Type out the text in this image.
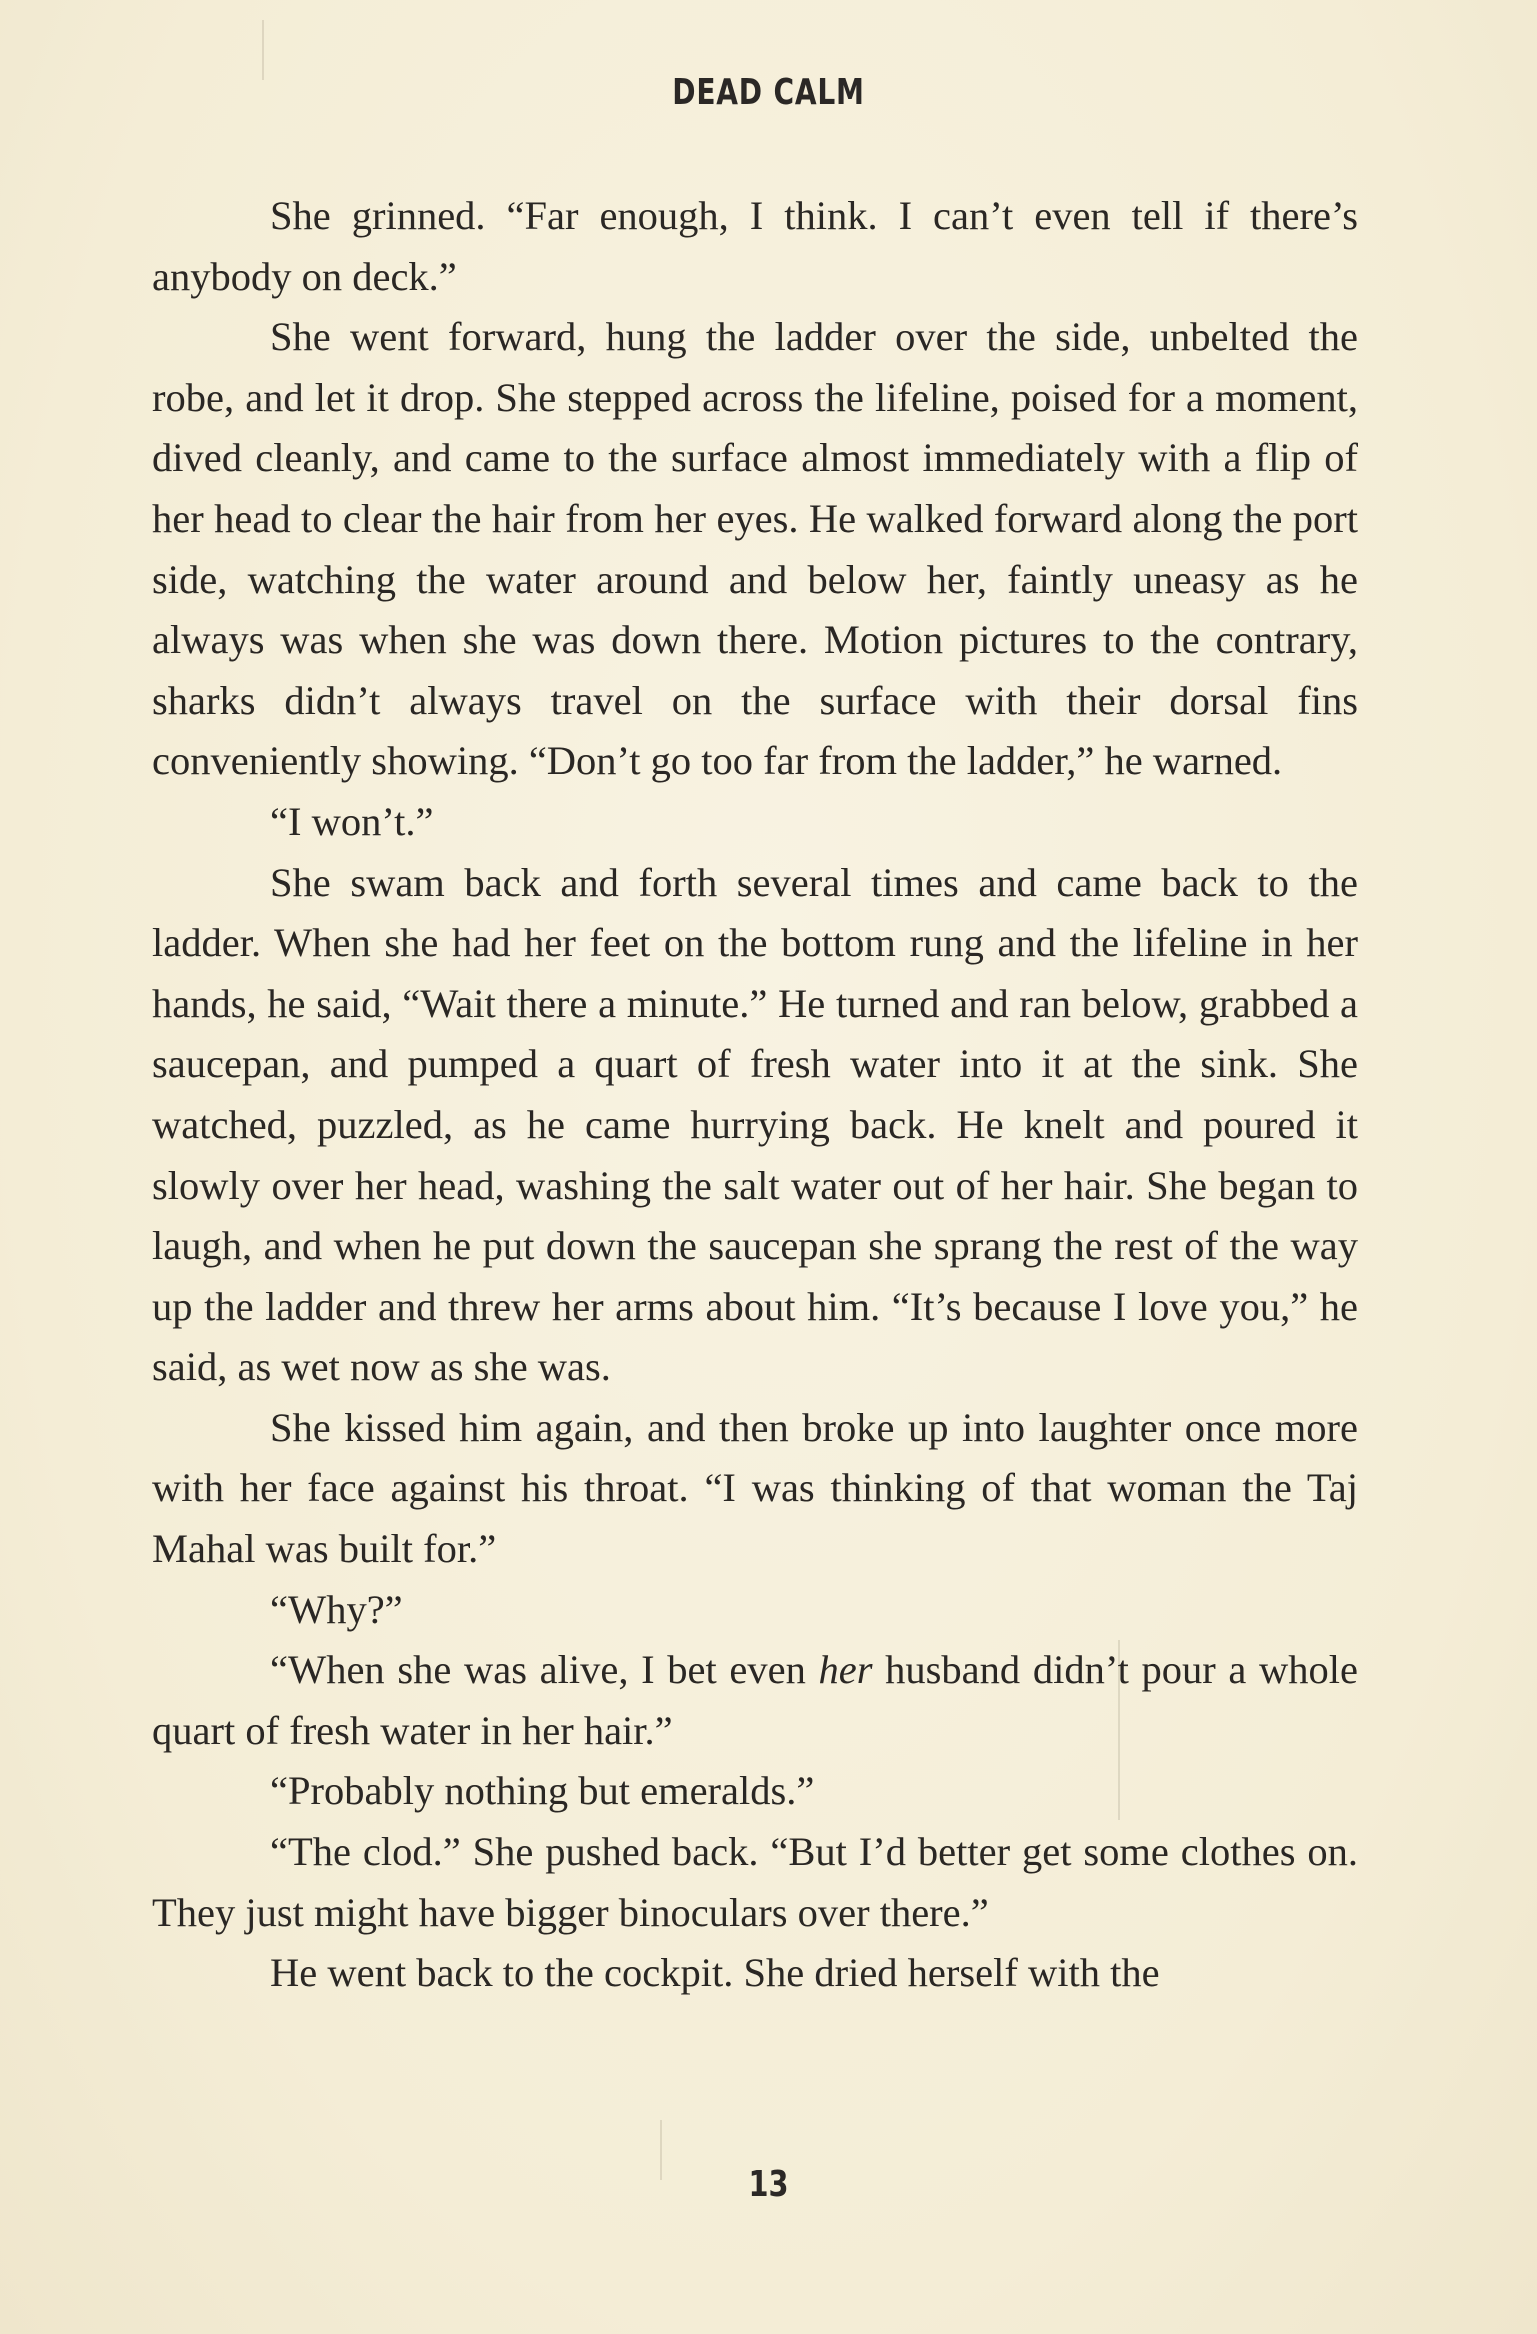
DEAD CALM

She grinned. “Far enough, I think. I can’t even tell if there’s anybody on deck.”

She went forward, hung the ladder over the side, unbelted the robe, and let it drop. She stepped across the lifeline, poised for a moment, dived cleanly, and came to the surface almost immediately with a flip of her head to clear the hair from her eyes. He walked forward along the port side, watching the water around and below her, faintly uneasy as he always was when she was down there. Motion pictures to the contrary, sharks didn’t always travel on the surface with their dorsal fins conveniently showing. “Don’t go too far from the ladder,” he warned.

“I won’t.”

She swam back and forth several times and came back to the ladder. When she had her feet on the bottom rung and the lifeline in her hands, he said, “Wait there a minute.” He turned and ran below, grabbed a saucepan, and pumped a quart of fresh water into it at the sink. She watched, puzzled, as he came hurrying back. He knelt and poured it slowly over her head, washing the salt water out of her hair. She began to laugh, and when he put down the saucepan she sprang the rest of the way up the ladder and threw her arms about him. “It’s because I love you,” he said, as wet now as she was.

She kissed him again, and then broke up into laughter once more with her face against his throat. “I was thinking of that woman the Taj Mahal was built for.”

“Why?”

“When she was alive, I bet even her husband didn’t pour a whole quart of fresh water in her hair.”

“Probably nothing but emeralds.”

“The clod.” She pushed back. “But I’d better get some clothes on. They just might have bigger binoculars over there.”

He went back to the cockpit. She dried herself with the

13
